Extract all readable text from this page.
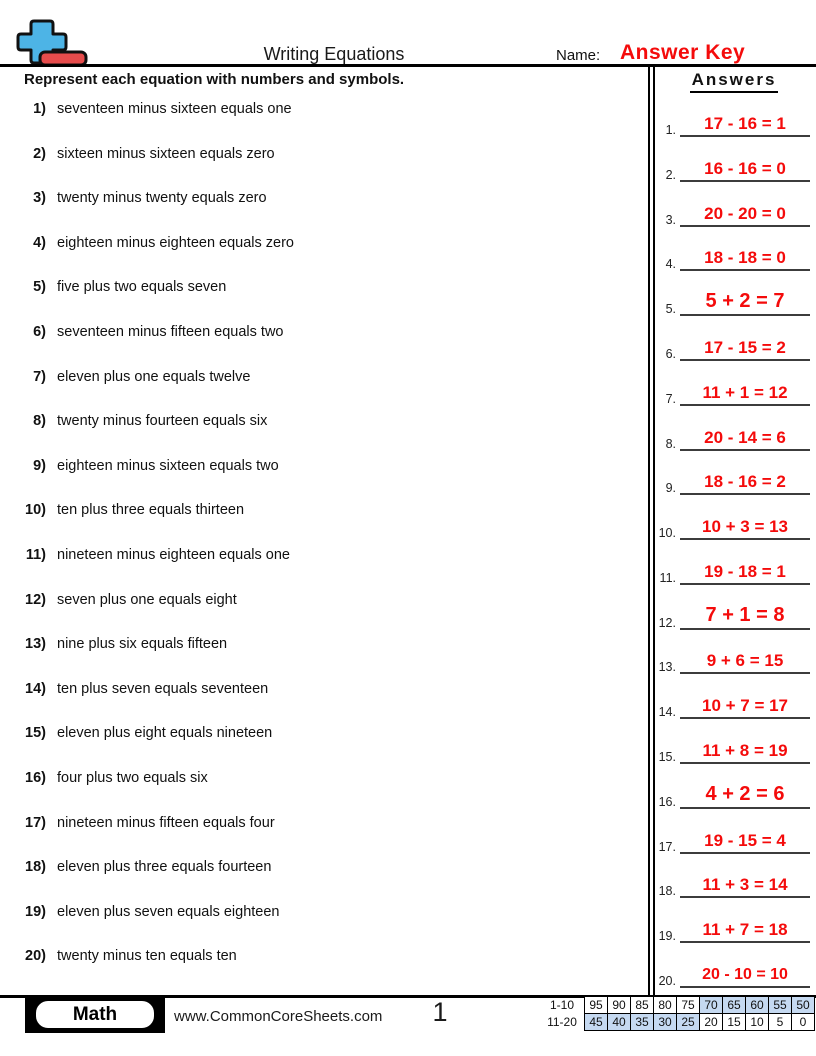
Writing Equations	Name: Answer Key
Represent each equation with numbers and symbols.	Answers
1) seventeen minus sixteen equals one
2) sixteen minus sixteen equals zero
3) twenty minus twenty equals zero
4) eighteen minus eighteen equals zero
5) five plus two equals seven
6) seventeen minus fifteen equals two
7) eleven plus one equals twelve
8) twenty minus fourteen equals six
9) eighteen minus sixteen equals two
10) ten plus three equals thirteen
11) nineteen minus eighteen equals one
12) seven plus one equals eight
13) nine plus six equals fifteen
14) ten plus seven equals seventeen
15) eleven plus eight equals nineteen
16) four plus two equals six
17) nineteen minus fifteen equals four
18) eleven plus three equals fourteen
19) eleven plus seven equals eighteen
20) twenty minus ten equals ten
1.	17 - 16 = 1
2.	16 - 16 = 0
3.	20 - 20 = 0
4.	18 - 18 = 0
5.	5 + 2 = 7
6.	17 - 15 = 2
7.	11 + 1 = 12
8.	20 - 14 = 6
9.	18 - 16 = 2
10.	10 + 3 = 13
11.	19 - 18 = 1
12.	7 + 1 = 8
13.	9 + 6 = 15
14.	10 + 7 = 17
15.	11 + 8 = 19
16.	4 + 2 = 6
17.	19 - 15 = 4
18.	11 + 3 = 14
19.	11 + 7 = 18
20.	20 - 10 = 10
Math	www.CommonCoreSheets.com	1	1-10	95	90	85	80	75	70	65	60	55	50
11-20	45	40	35	30	25	20	15	10	5	0
